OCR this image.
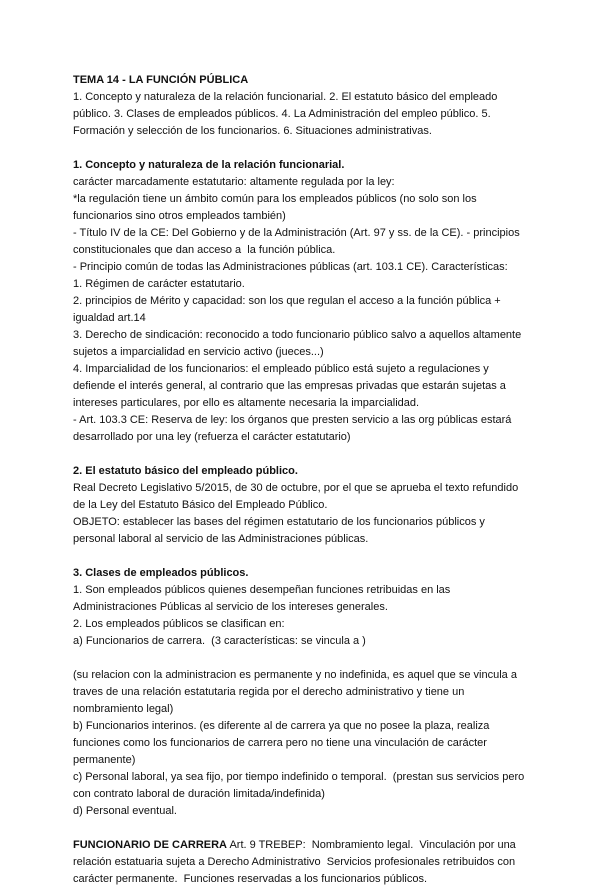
TEMA 14 - LA FUNCIÓN PÚBLICA
1. Concepto y naturaleza de la relación funcionarial. 2. El estatuto básico del empleado
público. 3. Clases de empleados públicos. 4. La Administración del empleo público. 5.
Formación y selección de los funcionarios. 6. Situaciones administrativas.
1. Concepto y naturaleza de la relación funcionarial.
carácter marcadamente estatutario: altamente regulada por la ley:
*la regulación tiene un ámbito común para los empleados públicos (no solo son los
funcionarios sino otros empleados también)
- Título IV de la CE: Del Gobierno y de la Administración (Art. 97 y ss. de la CE). - principios
constitucionales que dan acceso a  la función pública.
- Principio común de todas las Administraciones públicas (art. 103.1 CE). Características:
1. Régimen de carácter estatutario.
2. principios de Mérito y capacidad: son los que regulan el acceso a la función pública +
igualdad art.14
3. Derecho de sindicación: reconocido a todo funcionario público salvo a aquellos altamente
sujetos a imparcialidad en servicio activo (jueces...)
4. Imparcialidad de los funcionarios: el empleado público está sujeto a regulaciones y
defiende el interés general, al contrario que las empresas privadas que estarán sujetas a
intereses particulares, por ello es altamente necesaria la imparcialidad.
- Art. 103.3 CE: Reserva de ley: los órganos que presten servicio a las org públicas estará
desarrollado por una ley (refuerza el carácter estatutario)
2. El estatuto básico del empleado público.
Real Decreto Legislativo 5/2015, de 30 de octubre, por el que se aprueba el texto refundido
de la Ley del Estatuto Básico del Empleado Público.
OBJETO: establecer las bases del régimen estatutario de los funcionarios públicos y
personal laboral al servicio de las Administraciones públicas.
3. Clases de empleados públicos.
1. Son empleados públicos quienes desempeñan funciones retribuidas en las
Administraciones Públicas al servicio de los intereses generales.
2. Los empleados públicos se clasifican en:
a) Funcionarios de carrera.  (3 características: se vincula a )
(su relacion con la administracion es permanente y no indefinida, es aquel que se vincula a
traves de una relación estatutaria regida por el derecho administrativo y tiene un
nombramiento legal)
b) Funcionarios interinos. (es diferente al de carrera ya que no posee la plaza, realiza
funciones como los funcionarios de carrera pero no tiene una vinculación de carácter
permanente)
c) Personal laboral, ya sea fijo, por tiempo indefinido o temporal.  (prestan sus servicios pero
con contrato laboral de duración limitada/indefinida)
d) Personal eventual.
FUNCIONARIO DE CARRERA Art. 9 TREBEP:  Nombramiento legal.  Vinculación por una
relación estatuaria sujeta a Derecho Administrativo  Servicios profesionales retribuidos con
carácter permanente.  Funciones reservadas a los funcionarios públicos.
